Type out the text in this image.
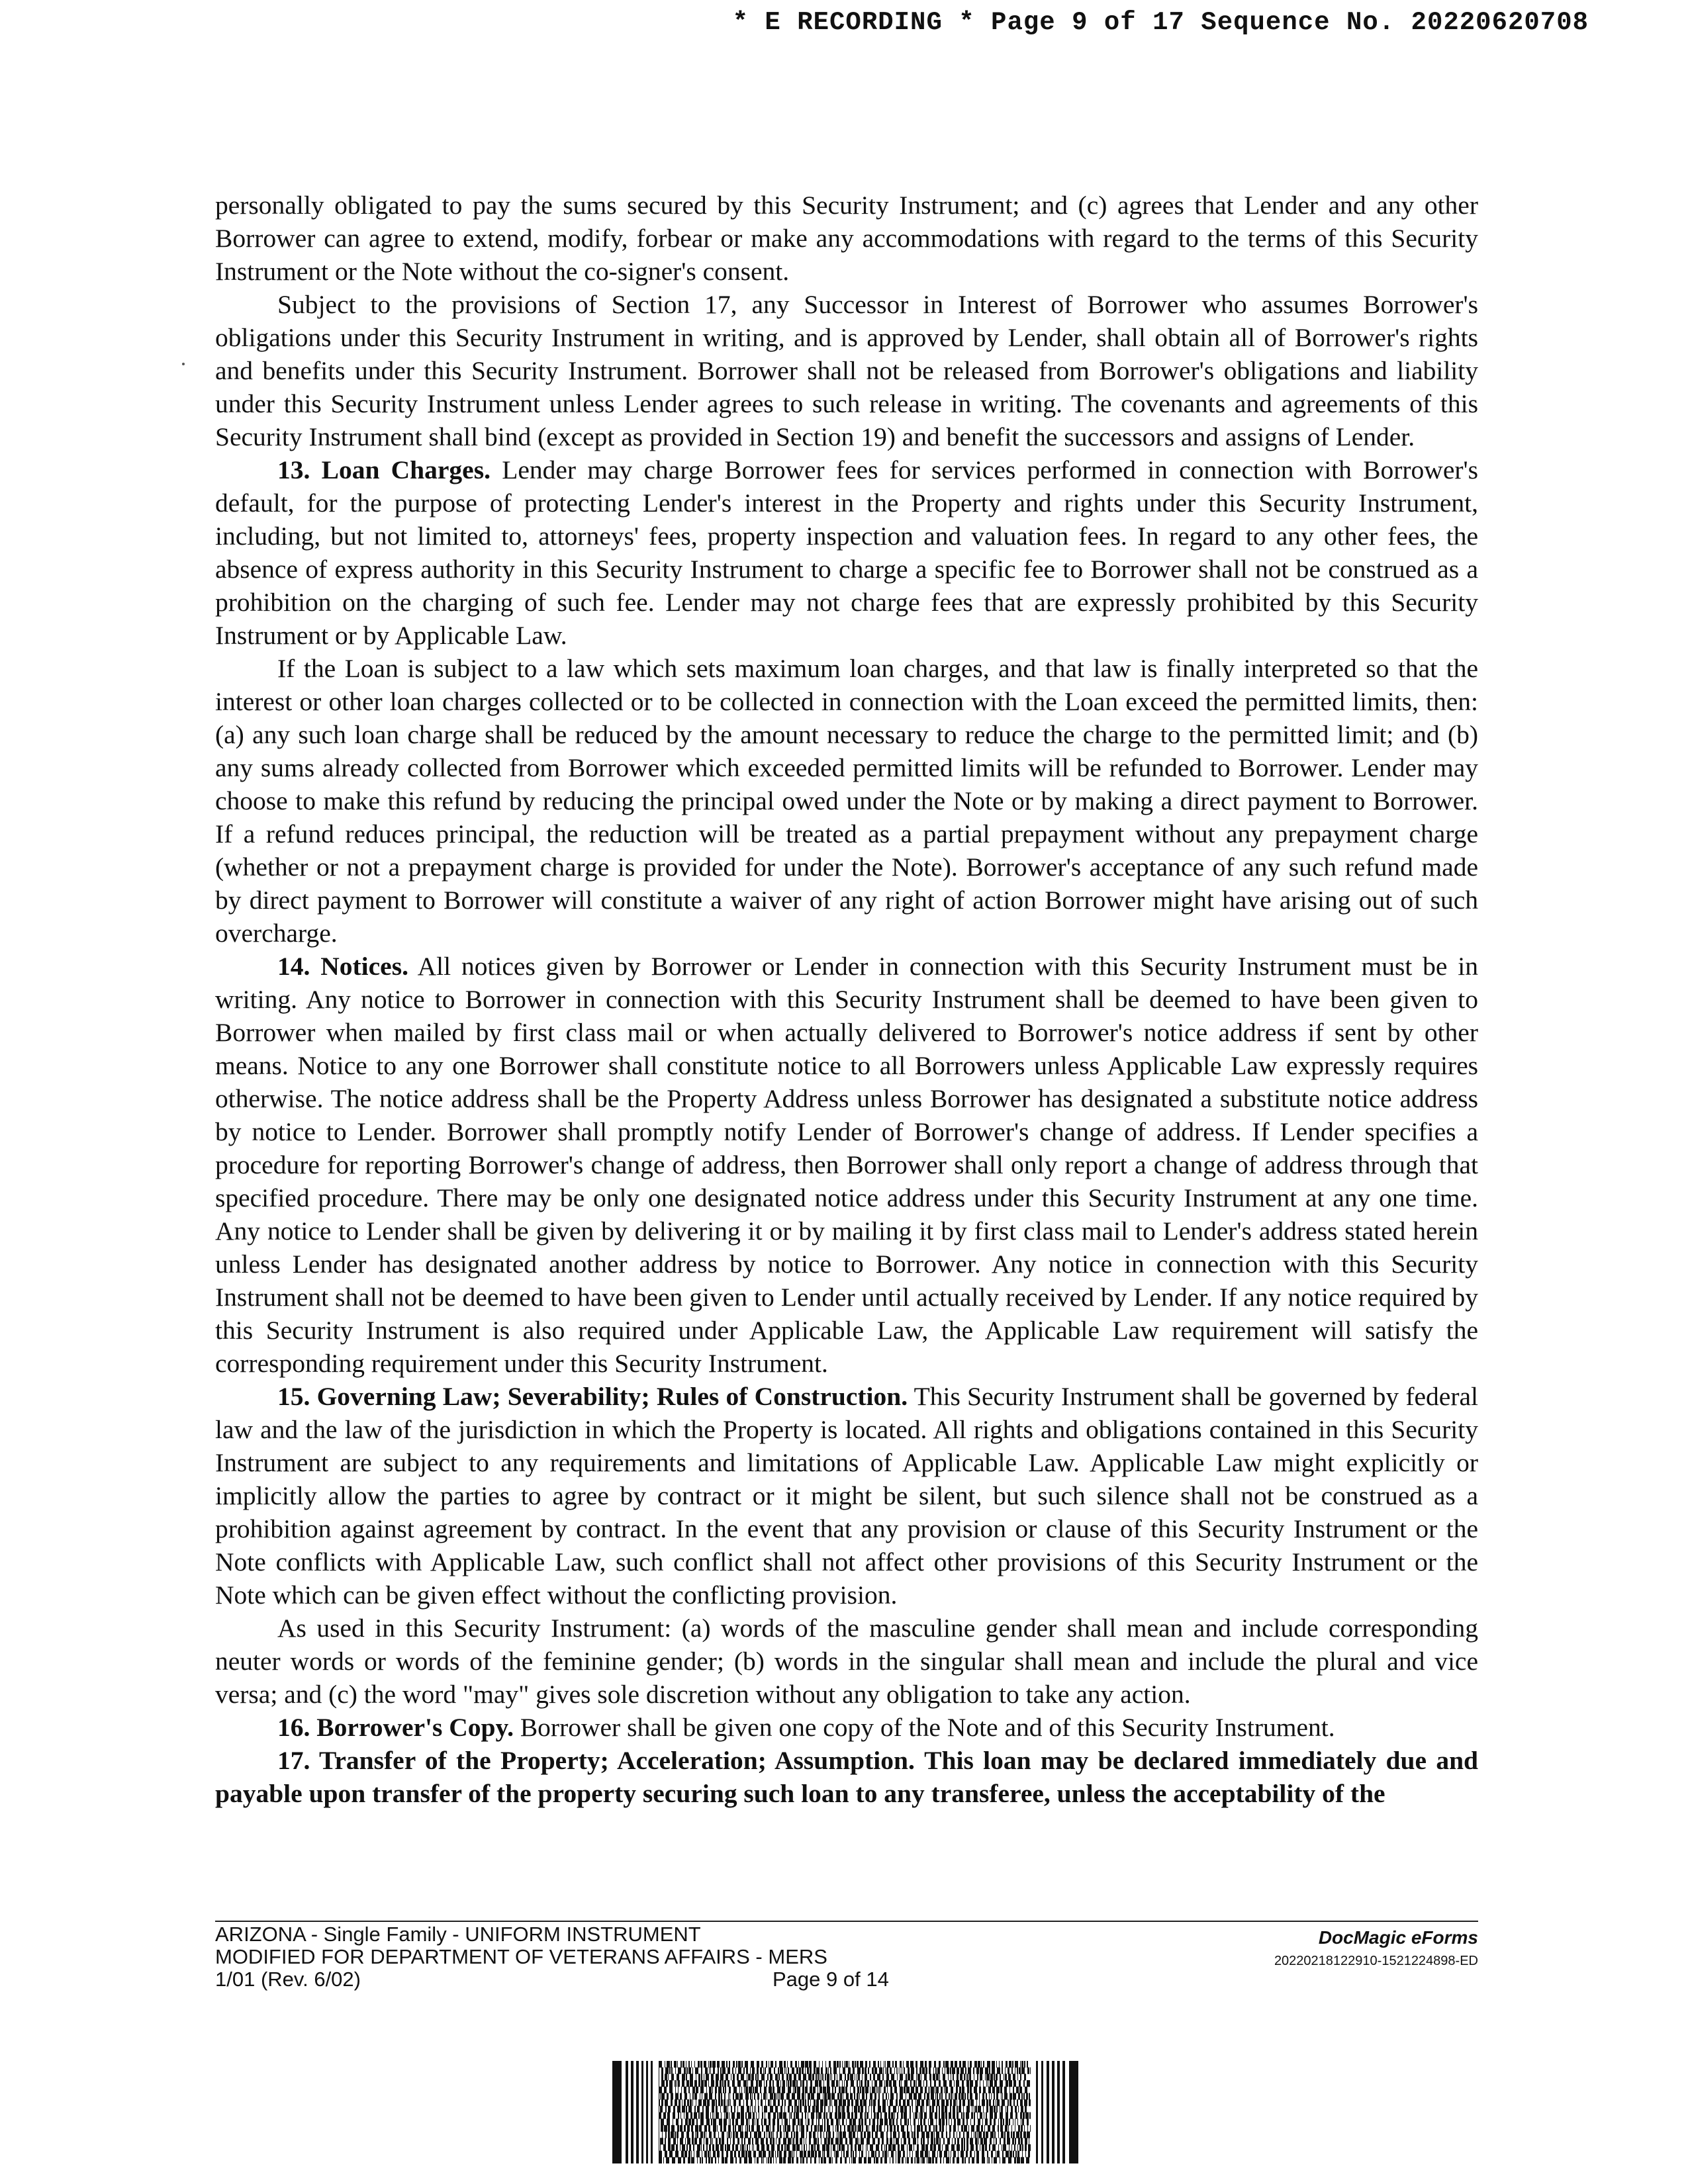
* E RECORDING * Page 9 of 17 Sequence No. 20220620708

personally obligated to pay the sums secured by this Security Instrument; and (c) agrees that Lender and any other Borrower can agree to extend, modify, forbear or make any accommodations with regard to the terms of this Security Instrument or the Note without the co-signer's consent.

Subject to the provisions of Section 17, any Successor in Interest of Borrower who assumes Borrower's obligations under this Security Instrument in writing, and is approved by Lender, shall obtain all of Borrower's rights and benefits under this Security Instrument. Borrower shall not be released from Borrower's obligations and liability under this Security Instrument unless Lender agrees to such release in writing. The covenants and agreements of this Security Instrument shall bind (except as provided in Section 19) and benefit the successors and assigns of Lender.

13. Loan Charges. Lender may charge Borrower fees for services performed in connection with Borrower's default, for the purpose of protecting Lender's interest in the Property and rights under this Security Instrument, including, but not limited to, attorneys' fees, property inspection and valuation fees. In regard to any other fees, the absence of express authority in this Security Instrument to charge a specific fee to Borrower shall not be construed as a prohibition on the charging of such fee. Lender may not charge fees that are expressly prohibited by this Security Instrument or by Applicable Law.

If the Loan is subject to a law which sets maximum loan charges, and that law is finally interpreted so that the interest or other loan charges collected or to be collected in connection with the Loan exceed the permitted limits, then: (a) any such loan charge shall be reduced by the amount necessary to reduce the charge to the permitted limit; and (b) any sums already collected from Borrower which exceeded permitted limits will be refunded to Borrower. Lender may choose to make this refund by reducing the principal owed under the Note or by making a direct payment to Borrower. If a refund reduces principal, the reduction will be treated as a partial prepayment without any prepayment charge (whether or not a prepayment charge is provided for under the Note). Borrower's acceptance of any such refund made by direct payment to Borrower will constitute a waiver of any right of action Borrower might have arising out of such overcharge.

14. Notices. All notices given by Borrower or Lender in connection with this Security Instrument must be in writing. Any notice to Borrower in connection with this Security Instrument shall be deemed to have been given to Borrower when mailed by first class mail or when actually delivered to Borrower's notice address if sent by other means. Notice to any one Borrower shall constitute notice to all Borrowers unless Applicable Law expressly requires otherwise. The notice address shall be the Property Address unless Borrower has designated a substitute notice address by notice to Lender. Borrower shall promptly notify Lender of Borrower's change of address. If Lender specifies a procedure for reporting Borrower's change of address, then Borrower shall only report a change of address through that specified procedure. There may be only one designated notice address under this Security Instrument at any one time. Any notice to Lender shall be given by delivering it or by mailing it by first class mail to Lender's address stated herein unless Lender has designated another address by notice to Borrower. Any notice in connection with this Security Instrument shall not be deemed to have been given to Lender until actually received by Lender. If any notice required by this Security Instrument is also required under Applicable Law, the Applicable Law requirement will satisfy the corresponding requirement under this Security Instrument.

15. Governing Law; Severability; Rules of Construction. This Security Instrument shall be governed by federal law and the law of the jurisdiction in which the Property is located. All rights and obligations contained in this Security Instrument are subject to any requirements and limitations of Applicable Law. Applicable Law might explicitly or implicitly allow the parties to agree by contract or it might be silent, but such silence shall not be construed as a prohibition against agreement by contract. In the event that any provision or clause of this Security Instrument or the Note conflicts with Applicable Law, such conflict shall not affect other provisions of this Security Instrument or the Note which can be given effect without the conflicting provision.

As used in this Security Instrument: (a) words of the masculine gender shall mean and include corresponding neuter words or words of the feminine gender; (b) words in the singular shall mean and include the plural and vice versa; and (c) the word "may" gives sole discretion without any obligation to take any action.

16. Borrower's Copy. Borrower shall be given one copy of the Note and of this Security Instrument.

17. Transfer of the Property; Acceleration; Assumption. This loan may be declared immediately due and payable upon transfer of the property securing such loan to any transferee, unless the acceptability of the

ARIZONA - Single Family - UNIFORM INSTRUMENT
MODIFIED FOR DEPARTMENT OF VETERANS AFFAIRS - MERS
1/01 (Rev. 6/02)	Page 9 of 14
DocMagic eForms
20220218122910-1521224898-ED
